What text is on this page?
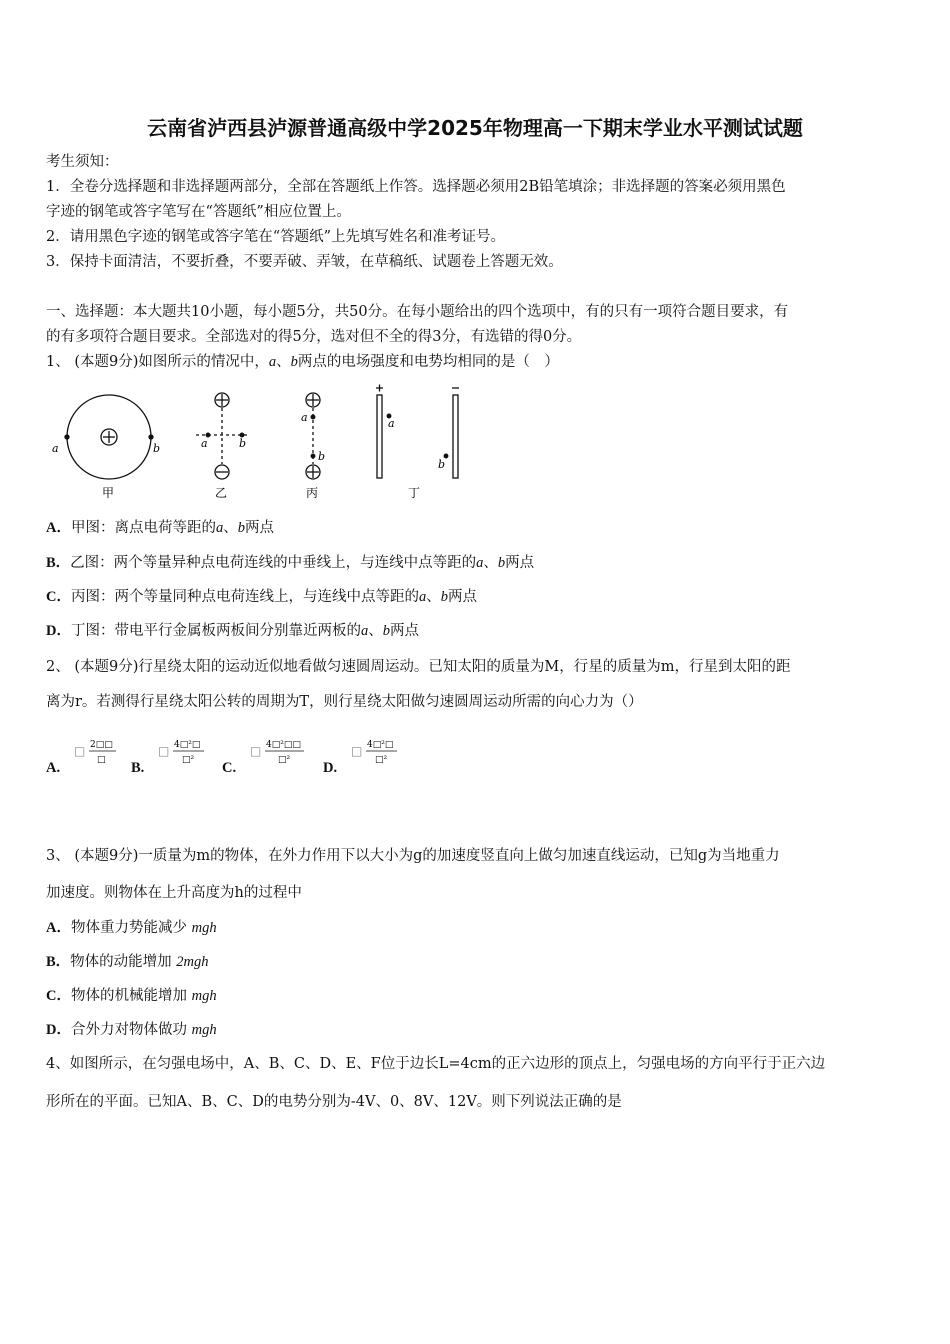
云南省泸西县泸源普通高级中学2025年物理高一下期末学业水平测试试题
考生须知：
1．全卷分选择题和非选择题两部分，全部在答题纸上作答。选择题必须用2B铅笔填涂；非选择题的答案必须用黑色
字迹的钢笔或答字笔写在“答题纸”相应位置上。
2．请用黑色字迹的钢笔或答字笔在“答题纸”上先填写姓名和准考证号。
3．保持卡面清洁，不要折叠，不要弄破、弄皱，在草稿纸、试题卷上答题无效。
一、选择题：本大题共10小题，每小题5分，共50分。在每小题给出的四个选项中，有的只有一项符合题目要求，有
的有多项符合题目要求。全部选对的得5分，选对但不全的得3分，有选错的得0分。
1、 (本题9分)如图所示的情况中，a、b两点的电场强度和电势均相同的是（　）
a	b
甲
a	b
乙
a
b
丙
a
b
丁
A．甲图：离点电荷等距的a、b两点
B．乙图：两个等量异种点电荷连线的中垂线上，与连线中点等距的a、b两点
C．丙图：两个等量同种点电荷连线上，与连线中点等距的a、b两点
D．丁图：带电平行金属板两板间分别靠近两板的a、b两点
2、 (本题9分)行星绕太阳的运动近似地看做匀速圆周运动。已知太阳的质量为M，行星的质量为m，行星到太阳的距
离为r。若测得行星绕太阳公转的周期为T，则行星绕太阳做匀速圆周运动所需的向心力为（）
A.
□ 2□□
□ B.
□ 4□²□
□² C.
□ 4□²□□
□² D.
□ 4□²□
□²
3、 (本题9分)一质量为m的物体，在外力作用下以大小为g的加速度竖直向上做匀加速直线运动，已知g为当地重力
加速度。则物体在上升高度为h的过程中
A．物体重力势能减少 mgh
B．物体的动能增加 2mgh
C．物体的机械能增加 mgh
D．合外力对物体做功 mgh
4、如图所示，在匀强电场中，A、B、C、D、E、F位于边长L=4cm的正六边形的顶点上，匀强电场的方向平行于正六边
形所在的平面。已知A、B、C、D的电势分别为-4V、0、8V、12V。则下列说法正确的是
